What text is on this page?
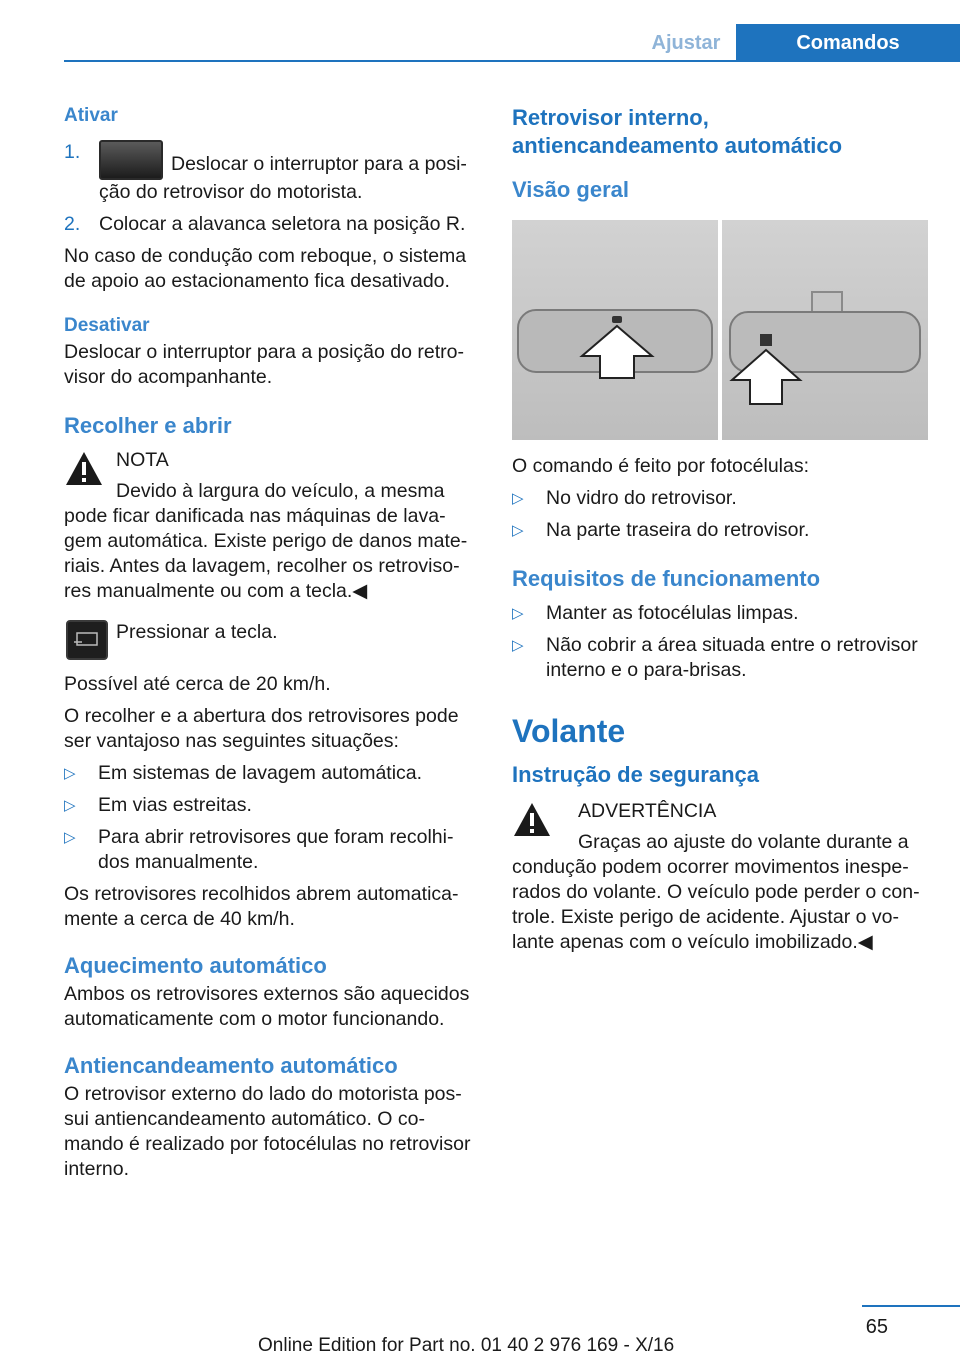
Ajustar	Comandos
Ativar
1.
Deslocar o interruptor para a posi-
ção do retrovisor do motorista.
2. Colocar a alavanca seletora na posição R.

No caso de condução com reboque, o sistema de apoio ao estacionamento fica desativado.

Desativar

Deslocar o interruptor para a posição do retro- visor do acompanhante.

Recolher e abrir

NOTA

Devido à largura do veículo, a mesma pode ficar danificada nas máquinas de lava- gem automática. Existe perigo de danos mate- riais. Antes da lavagem, recolher os retroviso- res manualmente ou com a tecla.◀

Pressionar a tecla.

Possível até cerca de 20 km/h.

O recolher e a abertura dos retrovisores pode ser vantajoso nas seguintes situações:

▷ Em sistemas de lavagem automática.
▷ Em vias estreitas.
▷ Para abrir retrovisores que foram recolhi- dos manualmente.

Os retrovisores recolhidos abrem automatica- mente a cerca de 40 km/h.

Aquecimento automático

Ambos os retrovisores externos são aquecidos automaticamente com o motor funcionando.

Antiencandeamento automático

O retrovisor externo do lado do motorista pos- sui antiencandeamento automático. O co- mando é realizado por fotocélulas no retrovisor interno.

Retrovisor interno,
antiencandeamento automático
Visão geral

O comando é feito por fotocélulas:

▷ No vidro do retrovisor.
▷ Na parte traseira do retrovisor.
Requisitos de funcionamento
▷ Manter as fotocélulas limpas.
▷ Não cobrir a área situada entre o retrovisor interno e o para-brisas.
Volante
Instrução de segurança

ADVERTÊNCIA

Graças ao ajuste do volante durante a condução podem ocorrer movimentos inespe- rados do volante. O veículo pode perder o con- trole. Existe perigo de acidente. Ajustar o vo- lante apenas com o veículo imobilizado.◀

65
Online Edition for Part no. 01 40 2 976 169 - X/16
